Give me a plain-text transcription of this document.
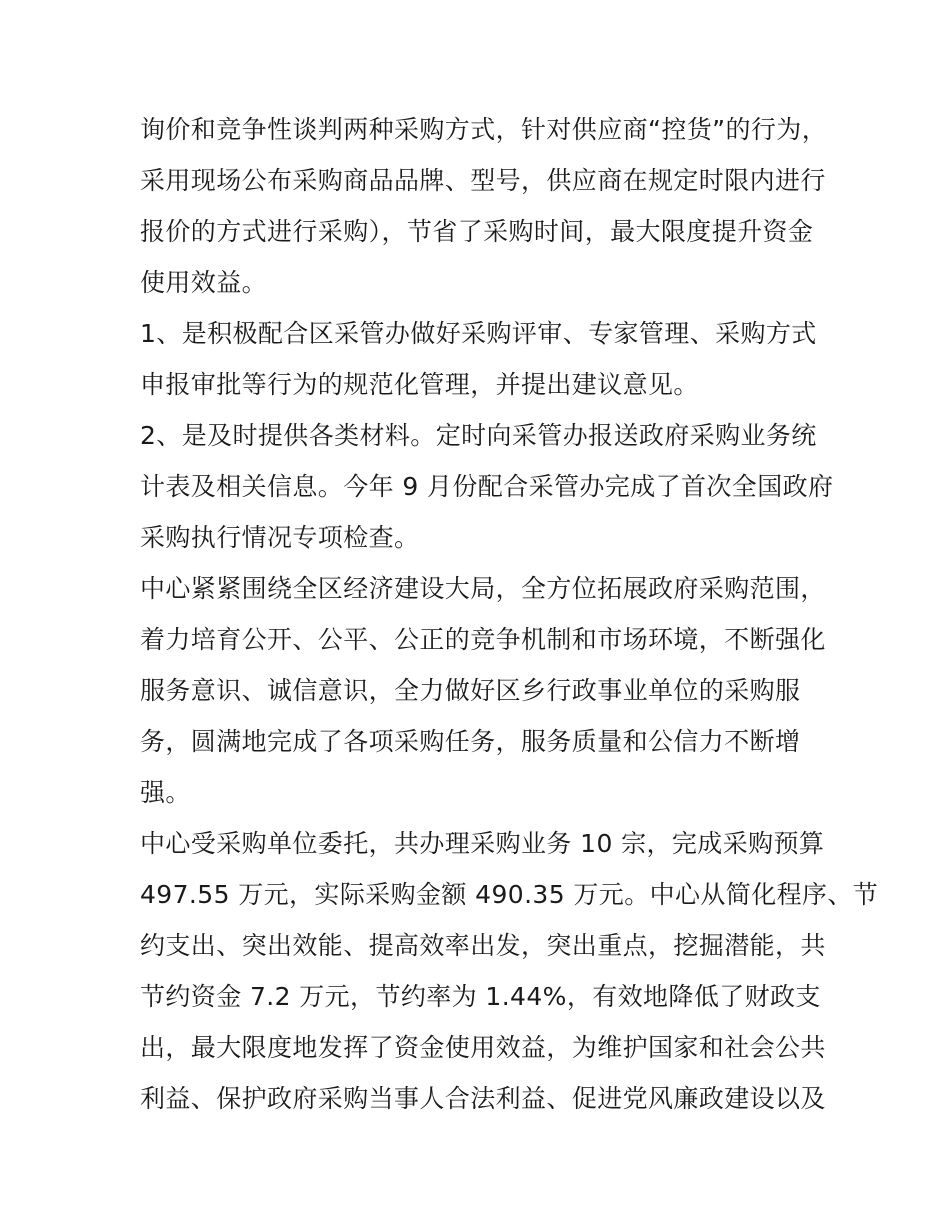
询价和竞争性谈判两种采购方式，针对供应商“控货”的行为，
采用现场公布采购商品品牌、型号，供应商在规定时限内进行
报价的方式进行采购），节省了采购时间，最大限度提升资金
使用效益。
1、是积极配合区采管办做好采购评审、专家管理、采购方式
申报审批等行为的规范化管理，并提出建议意见。
2、是及时提供各类材料。定时向采管办报送政府采购业务统
计表及相关信息。今年 9 月份配合采管办完成了首次全国政府
采购执行情况专项检查。
中心紧紧围绕全区经济建设大局，全方位拓展政府采购范围，
着力培育公开、公平、公正的竞争机制和市场环境，不断强化
服务意识、诚信意识，全力做好区乡行政事业单位的采购服
务，圆满地完成了各项采购任务，服务质量和公信力不断增
强。
中心受采购单位委托，共办理采购业务 10 宗，完成采购预算
497.55 万元，实际采购金额 490.35 万元。中心从简化程序、节
约支出、突出效能、提高效率出发，突出重点，挖掘潜能，共
节约资金 7.2 万元，节约率为 1.44%，有效地降低了财政支
出，最大限度地发挥了资金使用效益，为维护国家和社会公共
利益、保护政府采购当事人合法利益、促进党风廉政建设以及
